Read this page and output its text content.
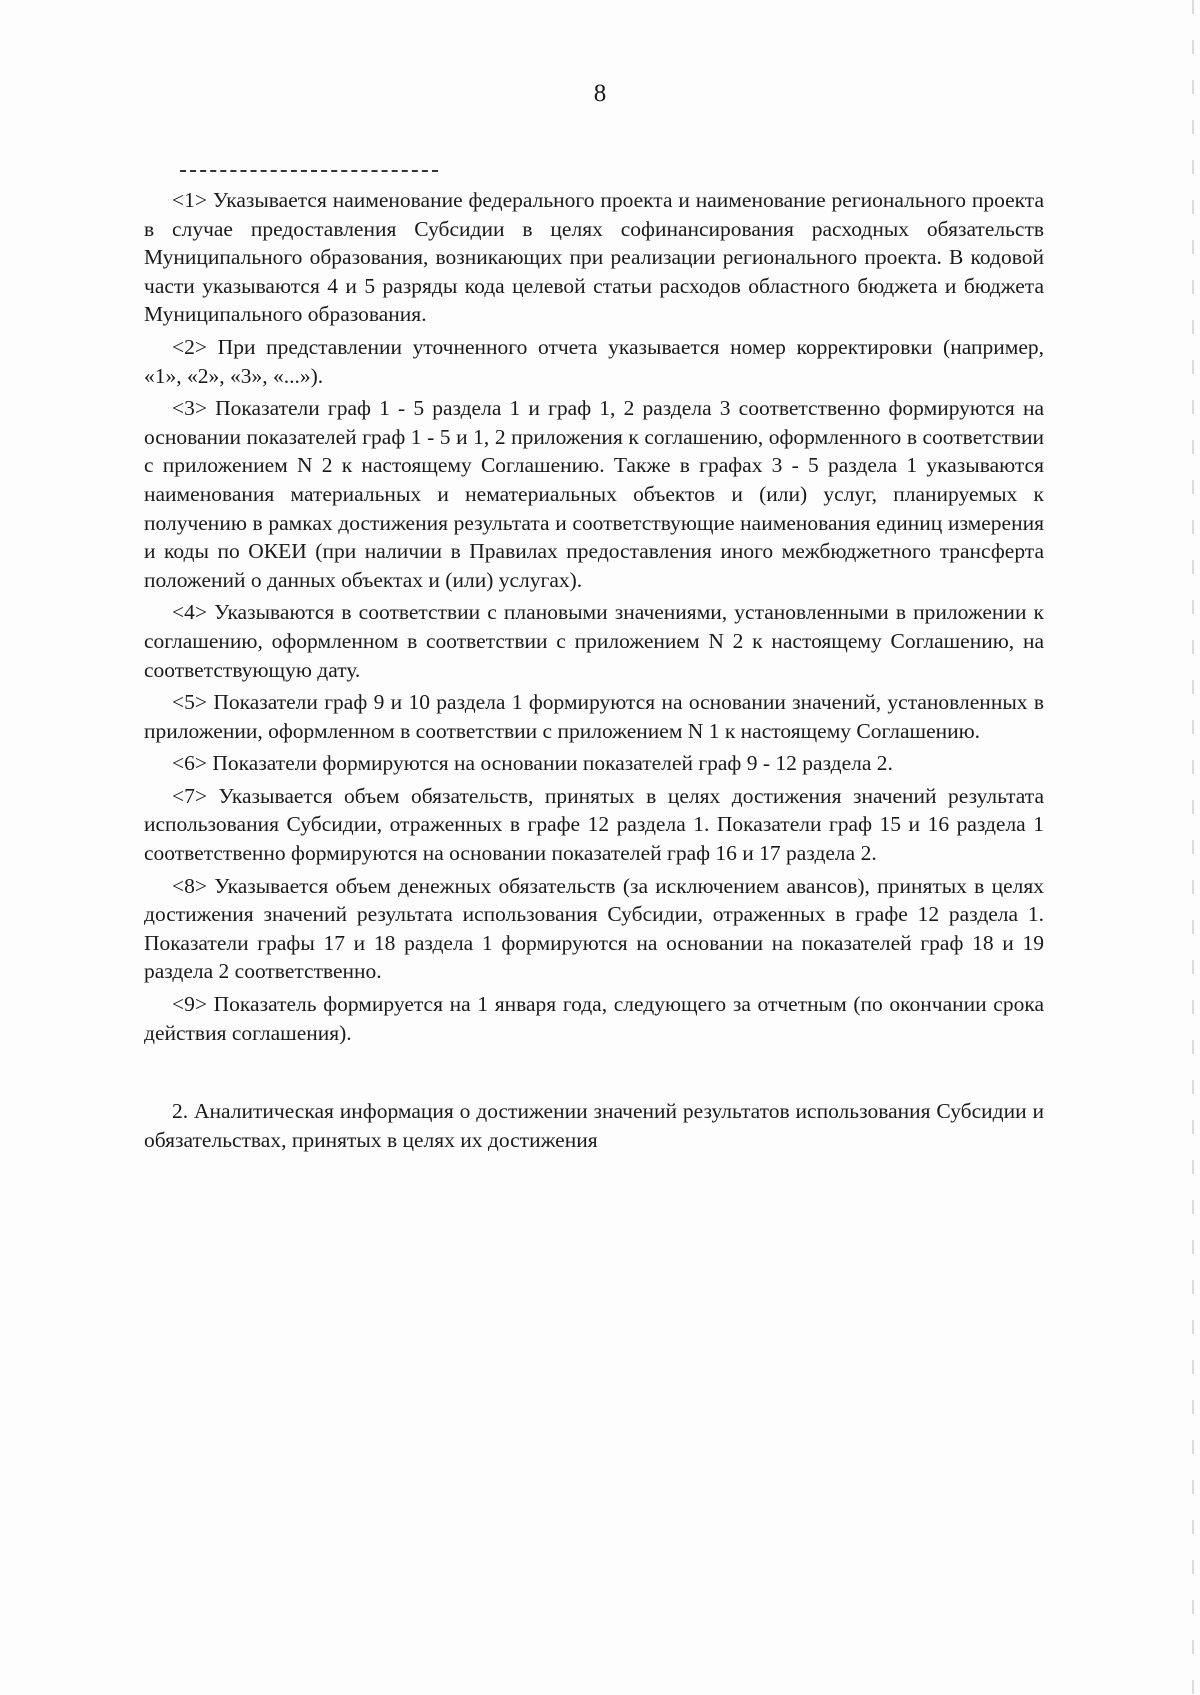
8

<1> Указывается наименование федерального проекта и наименование регионального проекта в случае предоставления Субсидии в целях софинансирования расходных обязательств Муниципального образования, возникающих при реализации регионального проекта. В кодовой части указываются 4 и 5 разряды кода целевой статьи расходов областного бюджета и бюджета Муниципального образования.

<2> При представлении уточненного отчета указывается номер корректировки (например, «1», «2», «3», «...»).

<3> Показатели граф 1 - 5 раздела 1 и граф 1, 2 раздела 3 соответственно формируются на основании показателей граф 1 - 5 и 1, 2 приложения к соглашению, оформленного в соответствии с приложением N 2 к настоящему Соглашению. Также в графах 3 - 5 раздела 1 указываются наименования материальных и нематериальных объектов и (или) услуг, планируемых к получению в рамках достижения результата и соответствующие наименования единиц измерения и коды по ОКЕИ (при наличии в Правилах предоставления иного межбюджетного трансферта положений о данных объектах и (или) услугах).

<4> Указываются в соответствии с плановыми значениями, установленными в приложении к соглашению, оформленном в соответствии с приложением N 2 к настоящему Соглашению, на соответствующую дату.

<5> Показатели граф 9 и 10 раздела 1 формируются на основании значений, установленных в приложении, оформленном в соответствии с приложением N 1 к настоящему Соглашению.

<6> Показатели формируются на основании показателей граф 9 - 12 раздела 2.

<7> Указывается объем обязательств, принятых в целях достижения значений результата использования Субсидии, отраженных в графе 12 раздела 1. Показатели граф 15 и 16 раздела 1 соответственно формируются на основании показателей граф 16 и 17 раздела 2.

<8> Указывается объем денежных обязательств (за исключением авансов), принятых в целях достижения значений результата использования Субсидии, отраженных в графе 12 раздела 1. Показатели графы 17 и 18 раздела 1 формируются на основании на показателей граф 18 и 19 раздела 2 соответственно.

<9> Показатель формируется на 1 января года, следующего за отчетным (по окончании срока действия соглашения).

2. Аналитическая информация о достижении значений результатов использования Субсидии и обязательствах, принятых в целях их достижения
